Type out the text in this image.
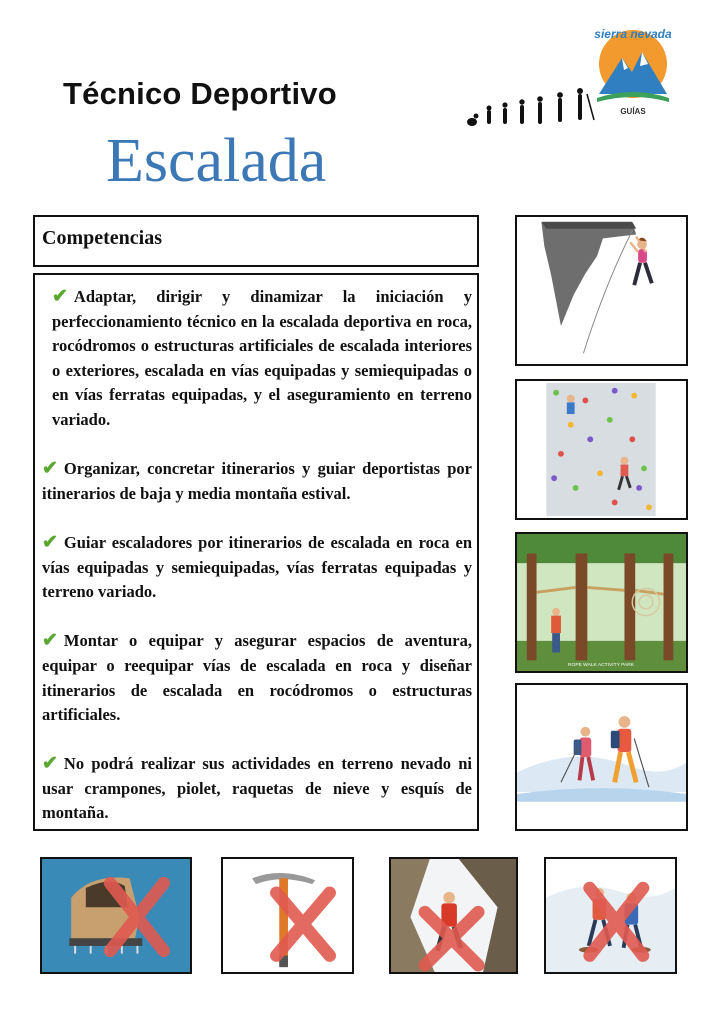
Técnico Deportivo
Escalada
GUÍAS
sierra nevada
Competencias

✔ Adaptar, dirigir y dinamizar la iniciación y perfeccionamiento técnico en la escalada deportiva en roca, rocódromos o estructuras artificiales de escalada interiores o exteriores, escalada en vías equipadas y semiequipadas o en vías ferratas equipadas, y el aseguramiento en terreno variado.

✔ Organizar, concretar itinerarios y guiar deportistas por itinerarios de baja y media montaña estival.

✔ Guiar escaladores por itinerarios de escalada en roca en vías equipadas y semiequipadas, vías ferratas equipadas y terreno variado.

✔ Montar o equipar y asegurar espacios de aventura, equipar o reequipar vías de escalada en roca y diseñar itinerarios de escalada en rocódromos o estructuras artificiales.

✔ No podrá realizar sus actividades en terreno nevado ni usar crampones, piolet, raquetas de nieve y esquís de montaña.

ROPE WALK ACTIVITY PARK
